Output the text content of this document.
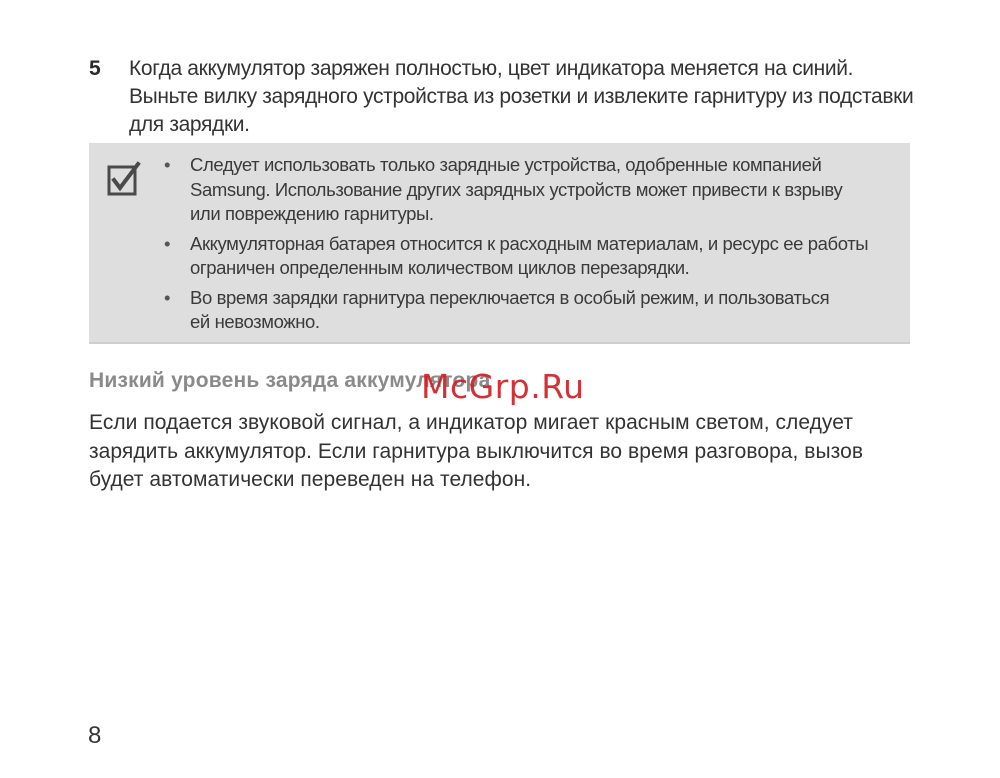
5 Когда аккумулятор заряжен полностью, цвет индикатора меняется на синий.
Выньте вилку зарядного устройства из розетки и извлеките гарнитуру из подставки
для зарядки.
• Следует использовать только зарядные устройства, одобренные компанией
Samsung. Использование других зарядных устройств может привести к взрыву
или повреждению гарнитуры.
• Аккумуляторная батарея относится к расходным материалам, и ресурс ее работы
ограничен определенным количеством циклов перезарядки.
• Во время зарядки гарнитура переключается в особый режим, и пользоваться
ей невозможно.
Низкий уровень заряда аккумулятора
McGrp.Ru
Если подается звуковой сигнал, а индикатор мигает красным светом, следует
зарядить аккумулятор. Если гарнитура выключится во время разговора, вызов
будет автоматически переведен на телефон.
8
